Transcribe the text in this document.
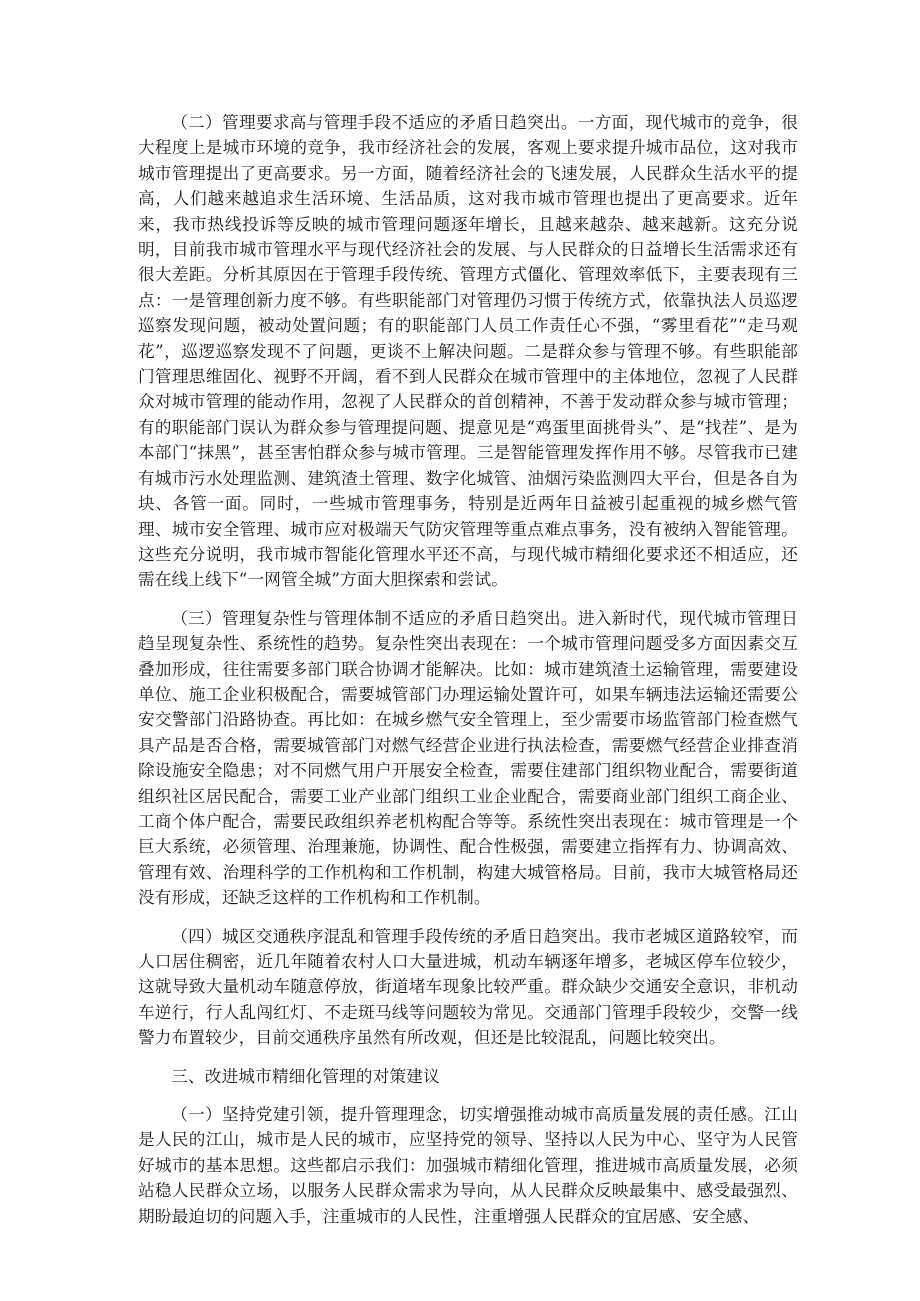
（二）管理要求高与管理手段不适应的矛盾日趋突出。一方面，现代城市的竞争，很大程度上是城市环境的竞争，我市经济社会的发展，客观上要求提升城市品位，这对我市城市管理提出了更高要求。另一方面，随着经济社会的飞速发展，人民群众生活水平的提高，人们越来越追求生活环境、生活品质，这对我市城市管理也提出了更高要求。近年来，我市热线投诉等反映的城市管理问题逐年增长，且越来越杂、越来越新。这充分说明，目前我市城市管理水平与现代经济社会的发展、与人民群众的日益增长生活需求还有很大差距。分析其原因在于管理手段传统、管理方式僵化、管理效率低下，主要表现有三点：一是管理创新力度不够。有些职能部门对管理仍习惯于传统方式，依靠执法人员巡逻巡察发现问题，被动处置问题；有的职能部门人员工作责任心不强，“雾里看花”“走马观花”，巡逻巡察发现不了问题，更谈不上解决问题。二是群众参与管理不够。有些职能部门管理思维固化、视野不开阔，看不到人民群众在城市管理中的主体地位，忽视了人民群众对城市管理的能动作用，忽视了人民群众的首创精神，不善于发动群众参与城市管理；有的职能部门误认为群众参与管理提问题、提意见是“鸡蛋里面挑骨头”、是“找茬”、是为本部门“抹黑”，甚至害怕群众参与城市管理。三是智能管理发挥作用不够。尽管我市已建有城市污水处理监测、建筑渣土管理、数字化城管、油烟污染监测四大平台，但是各自为块、各管一面。同时，一些城市管理事务，特别是近两年日益被引起重视的城乡燃气管理、城市安全管理、城市应对极端天气防灾管理等重点难点事务，没有被纳入智能管理。这些充分说明，我市城市智能化管理水平还不高，与现代城市精细化要求还不相适应，还需在线上线下“一网管全城”方面大胆探索和尝试。

（三）管理复杂性与管理体制不适应的矛盾日趋突出。进入新时代，现代城市管理日趋呈现复杂性、系统性的趋势。复杂性突出表现在：一个城市管理问题受多方面因素交互叠加形成，往往需要多部门联合协调才能解决。比如：城市建筑渣土运输管理，需要建设单位、施工企业积极配合，需要城管部门办理运输处置许可，如果车辆违法运输还需要公安交警部门沿路协查。再比如：在城乡燃气安全管理上，至少需要市场监管部门检查燃气具产品是否合格，需要城管部门对燃气经营企业进行执法检查，需要燃气经营企业排查消除设施安全隐患；对不同燃气用户开展安全检查，需要住建部门组织物业配合，需要街道组织社区居民配合，需要工业产业部门组织工业企业配合，需要商业部门组织工商企业、工商个体户配合，需要民政组织养老机构配合等等。系统性突出表现在：城市管理是一个巨大系统，必须管理、治理兼施，协调性、配合性极强，需要建立指挥有力、协调高效、管理有效、治理科学的工作机构和工作机制，构建大城管格局。目前，我市大城管格局还没有形成，还缺乏这样的工作机构和工作机制。

（四）城区交通秩序混乱和管理手段传统的矛盾日趋突出。我市老城区道路较窄，而人口居住稠密，近几年随着农村人口大量进城，机动车辆逐年增多，老城区停车位较少，这就导致大量机动车随意停放，街道堵车现象比较严重。群众缺少交通安全意识，非机动车逆行，行人乱闯红灯、不走斑马线等问题较为常见。交通部门管理手段较少，交警一线警力布置较少，目前交通秩序虽然有所改观，但还是比较混乱，问题比较突出。

三、改进城市精细化管理的对策建议

（一）坚持党建引领，提升管理理念，切实增强推动城市高质量发展的责任感。江山是人民的江山，城市是人民的城市，应坚持党的领导、坚持以人民为中心、坚守为人民管好城市的基本思想。这些都启示我们：加强城市精细化管理，推进城市高质量发展，必须站稳人民群众立场，以服务人民群众需求为导向，从人民群众反映最集中、感受最强烈、期盼最迫切的问题入手，注重城市的人民性，注重增强人民群众的宜居感、安全感、
